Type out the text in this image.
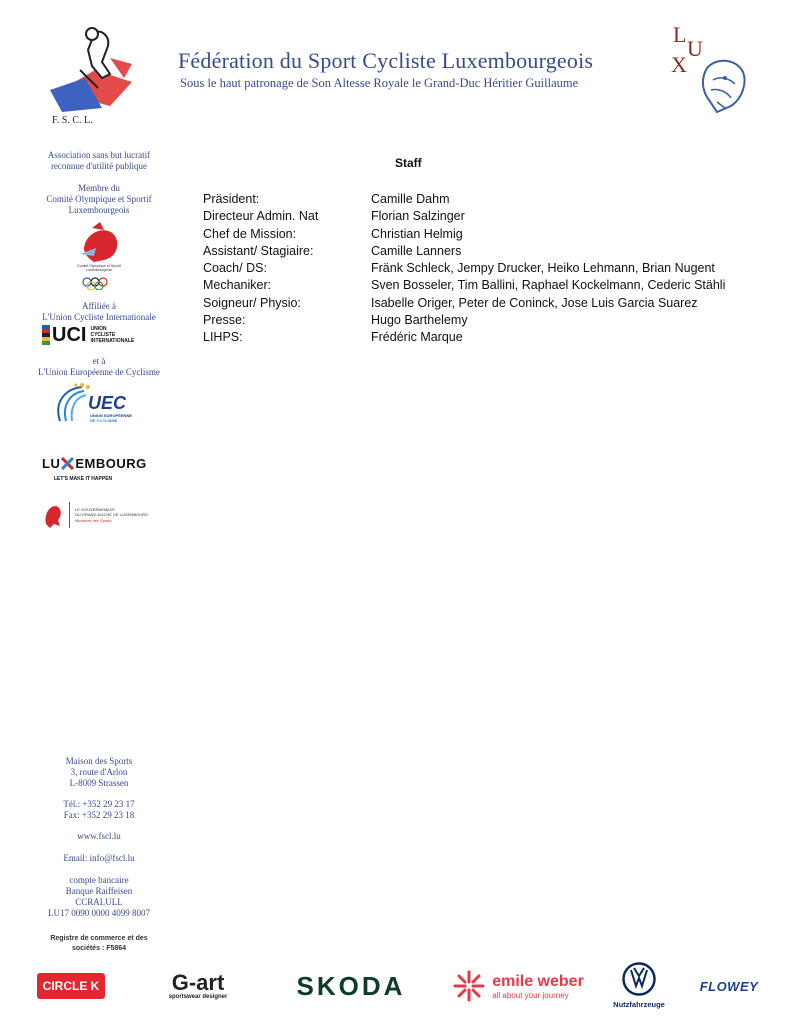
F. S. C. L.
Fédération du Sport Cycliste Luxembourgeois
Sous le haut patronage de Son Altesse Royale le Grand-Duc Héritier Guillaume
L
U
X
Association sans but lucratif
reconnue d'utilité publique
Membre du
Comité Olympique et Sportif
Luxembourgeois
Comité Olympique et Sportif Luxembourgeois
Affiliée à
L'Union Cycliste Internationale
UCI UNION
CYCLISTE
INTERNATIONALE
et à
L'Union Européenne de Cyclisme
UEC
UNION EUROPÉENNE
DE CYCLISME
LU EMBOURG
LET'S MAKE IT HAPPEN
LE GOUVERNEMENT
DU GRAND-DUCHÉ DE LUXEMBOURG
Ministère des Sports
Maison des Sports
3, route d'Arlon
L-8009 Strassen
Tél.: +352 29 23 17
Fax: +352 29 23 18
www.fscl.lu
Email: info@fscl.lu
compte bancaire
Banque Raiffeisen
CCRALULL
LU17 0090 0000 4099 8007
Registre de commerce et des
sociétés : F5864
Staff
Präsident:	Camille Dahm
Directeur Admin. Nat	Florian Salzinger
Chef de Mission:	Christian Helmig
Assistant/ Stagiaire:	Camille Lanners
Coach/ DS:	Fränk Schleck, Jempy Drucker, Heiko Lehmann, Brian Nugent
Mechaniker:	Sven Bosseler, Tim Ballini, Raphael Kockelmann, Cederic Stähli
Soigneur/ Physio:	Isabelle Origer, Peter de Coninck, Jose Luis Garcia Suarez
Presse:	Hugo Barthelemy
LIHPS:	Frédéric Marque
CIRCLE K	G-art
sportswear designer	SKODA	emile weber
all about your journey
Nutzfahrzeuge
FLOWEY
